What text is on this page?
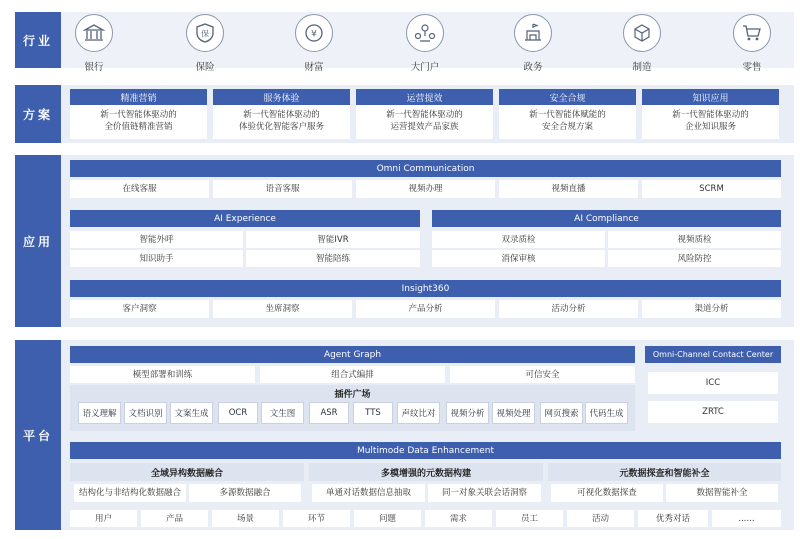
行业
银行
保
保险
¥
财富	大门户	政务	制造	零售
方案
精准营销
新一代智能体驱动的
全价值链精准营销
服务体验
新一代智能体驱动的
体验优化智能客户服务
运营提效
新一代智能体驱动的
运营提效产品家族
安全合规
新一代智能体赋能的
安全合规方案
知识应用
新一代智能体驱动的
企业知识服务
应用
Omni Communication
在线客服	语音客服	视频办理	视频直播	SCRM
AI Experience
智能外呼	智能IVR
知识助手	智能陪练
AI Compliance
双录质检	视频质检
消保审核	风险防控
Insight360
客户洞察	坐席洞察	产品分析	活动分析	渠道分析
平台
Agent Graph
模型部署和训练	组合式编排	可信安全
插件广场
语义理解	文档识别	文案生成	OCR	文生图	ASR	TTS	声纹比对	视频分析	视频处理	网页搜索	代码生成
Omni-Channel Contact Center
ICC
ZRTC
Multimode Data Enhancement
全域异构数据融合
结构化与非结构化数据融合	多源数据融合
多模增强的元数据构建
单通对话数据信息抽取	同一对象关联会话洞察
元数据探查和智能补全
可视化数据探查	数据智能补全
用户	产品	场景	环节	问题	需求	员工	活动	优秀对话	......
